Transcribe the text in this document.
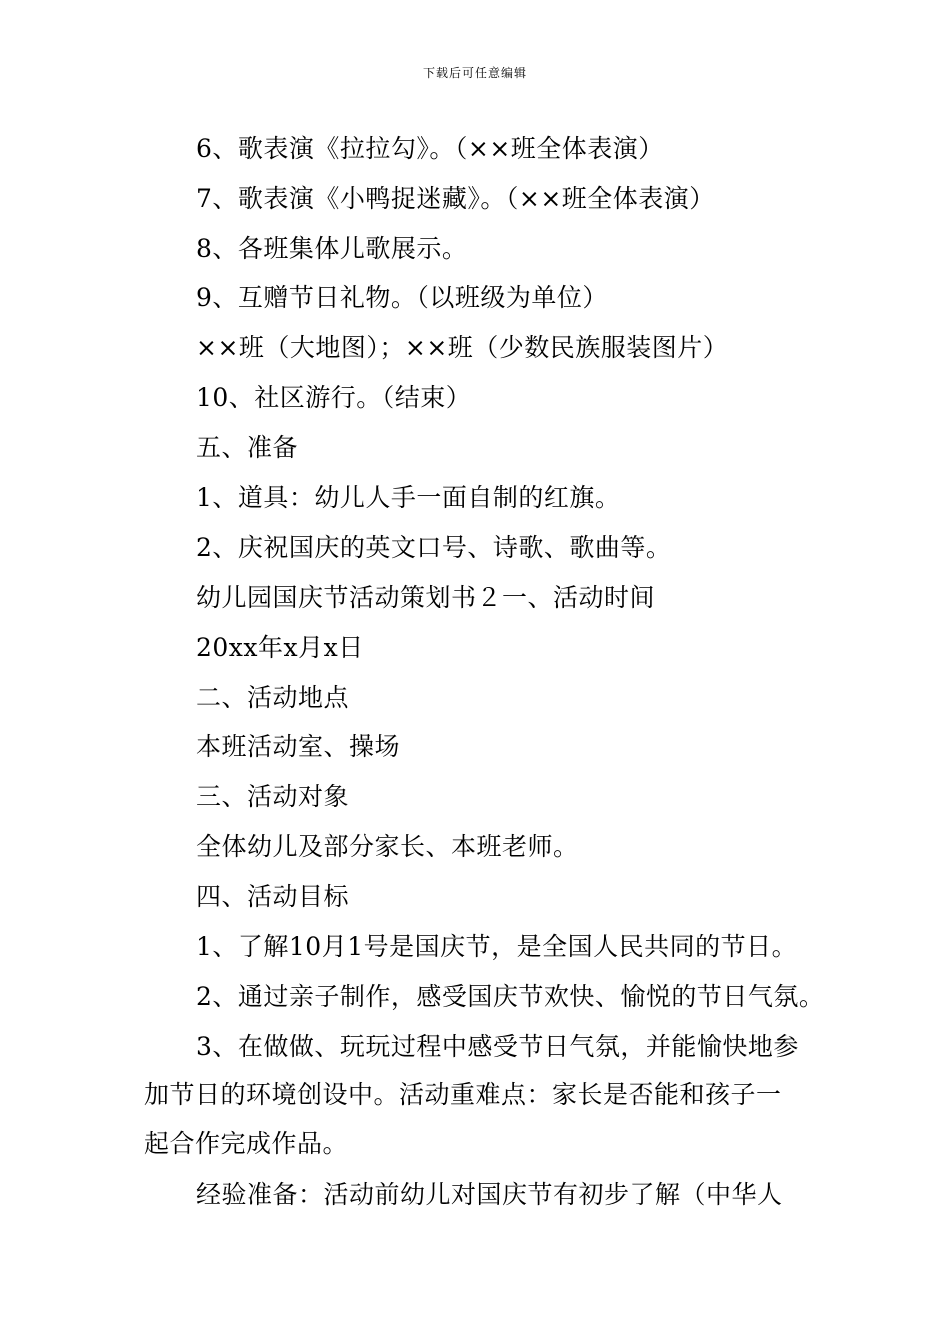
下载后可任意编辑
6、歌表演《拉拉勾》。（××班全体表演）
7、歌表演《小鸭捉迷藏》。（××班全体表演）
8、各班集体儿歌展示。
9、互赠节日礼物。（以班级为单位）
××班（大地图）；××班（少数民族服装图片）
10、社区游行。（结束）
五、准备
1、道具：幼儿人手一面自制的红旗。
2、庆祝国庆的英文口号、诗歌、歌曲等。
幼儿园国庆节活动策划书２一、活动时间
20xx年x月x日
二、活动地点
本班活动室、操场
三、活动对象
全体幼儿及部分家长、本班老师。
四、活动目标
1、了解10月1号是国庆节，是全国人民共同的节日。
2、通过亲子制作，感受国庆节欢快、愉悦的节日气氛。
3、在做做、玩玩过程中感受节日气氛，并能愉快地参
加节日的环境创设中。活动重难点：家长是否能和孩子一
起合作完成作品。
经验准备：活动前幼儿对国庆节有初步了解（中华人
